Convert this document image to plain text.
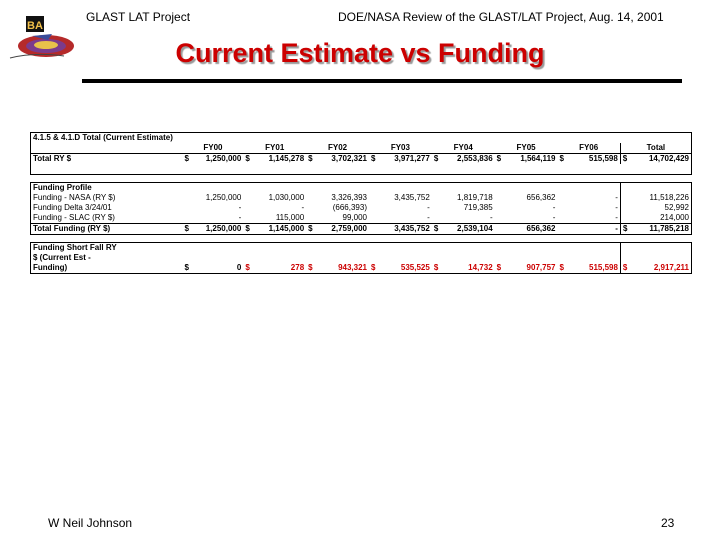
BA
GLAST LAT Project	DOE/NASA Review of the GLAST/LAT Project, Aug. 14, 2001
Current Estimate vs Funding
4.1.5 & 4.1.D Total (Current Estimate)																
	FY00		FY01		FY02		FY03		FY04		FY05		FY06		Total	
Total RY $	$	1,250,000	$	1,145,278	$	3,702,321	$	3,971,277	$	2,553,836	$	1,564,119	$	515,598	$	14,702,429

Funding Profile																
Funding - NASA (RY $)		1,250,000		1,030,000		3,326,393		3,435,752		1,819,718		656,362		-		11,518,226
Funding Delta 3/24/01		-		-		(666,393)		-		719,385		-		-		52,992
Funding - SLAC (RY $)		-		115,000		99,000		-		-		-		-		214,000
Total Funding (RY $)	$	1,250,000	$	1,145,000	$	2,759,000		3,435,752	$	2,539,104		656,362		-	$	11,785,218
Funding Short Fall RY																
$ (Current Est -																
Funding)	$	0	$	278	$	943,321	$	535,525	$	14,732	$	907,757	$	515,598	$	2,917,211
W Neil Johnson	23
